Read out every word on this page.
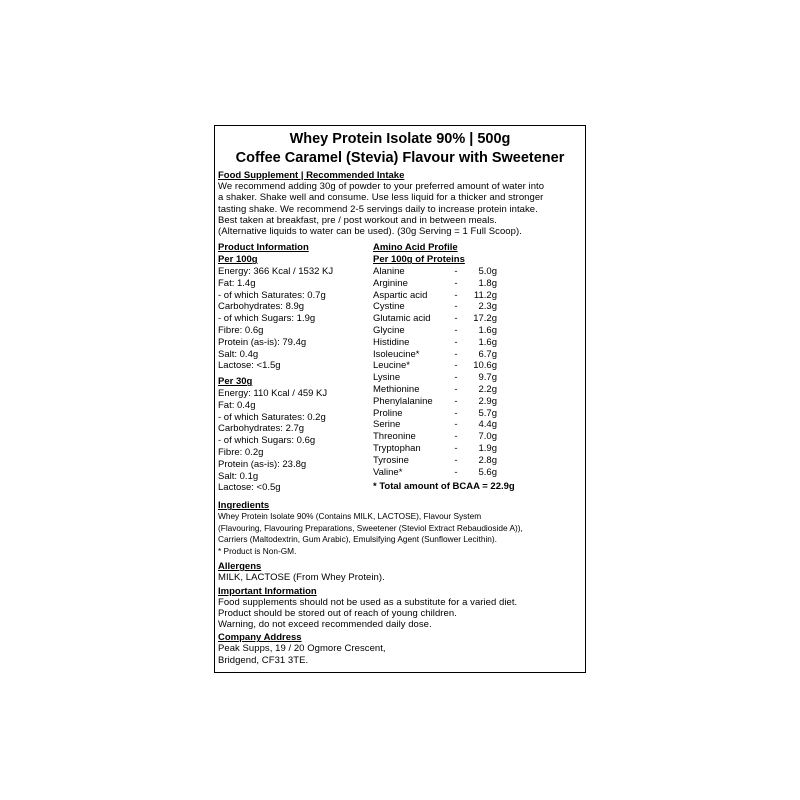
Whey Protein Isolate 90% | 500g
Coffee Caramel (Stevia) Flavour with Sweetener
Food Supplement | Recommended Intake
We recommend adding 30g of powder to your preferred amount of water into
a shaker. Shake well and consume. Use less liquid for a thicker and stronger
tasting shake. We recommend 2-5 servings daily to increase protein intake.
Best taken at breakfast, pre / post workout and in between meals.
(Alternative liquids to water can be used). (30g Serving = 1 Full Scoop).
Product Information
Per 100g
Energy: 366 Kcal / 1532 KJ
Fat: 1.4g
- of which Saturates: 0.7g
Carbohydrates: 8.9g
- of which Sugars: 1.9g
Fibre: 0.6g
Protein (as-is): 79.4g
Salt: 0.4g
Lactose: <1.5g
Per 30g
Energy: 110 Kcal / 459 KJ
Fat: 0.4g
- of which Saturates: 0.2g
Carbohydrates: 2.7g
- of which Sugars: 0.6g
Fibre: 0.2g
Protein (as-is): 23.8g
Salt: 0.1g
Lactose: <0.5g
Amino Acid Profile
Per 100g of Proteins
Alanine	-	5.0g
Arginine	-	1.8g
Aspartic acid	-	11.2g
Cystine	-	2.3g
Glutamic acid	-	17.2g
Glycine	-	1.6g
Histidine	-	1.6g
Isoleucine*	-	6.7g
Leucine*	-	10.6g
Lysine	-	9.7g
Methionine	-	2.2g
Phenylalanine	-	2.9g
Proline	-	5.7g
Serine	-	4.4g
Threonine	-	7.0g
Tryptophan	-	1.9g
Tyrosine	-	2.8g
Valine*	-	5.6g
* Total amount of BCAA = 22.9g
Ingredients
Whey Protein Isolate 90% (Contains MILK, LACTOSE), Flavour System
(Flavouring, Flavouring Preparations, Sweetener (Steviol Extract Rebaudioside A)),
Carriers (Maltodextrin, Gum Arabic), Emulsifying Agent (Sunflower Lecithin).
* Product is Non-GM.
Allergens
MILK, LACTOSE (From Whey Protein).
Important Information
Food supplements should not be used as a substitute for a varied diet.
Product should be stored out of reach of young children.
Warning, do not exceed recommended daily dose.
Company Address
Peak Supps, 19 / 20 Ogmore Crescent,
Bridgend, CF31 3TE.
